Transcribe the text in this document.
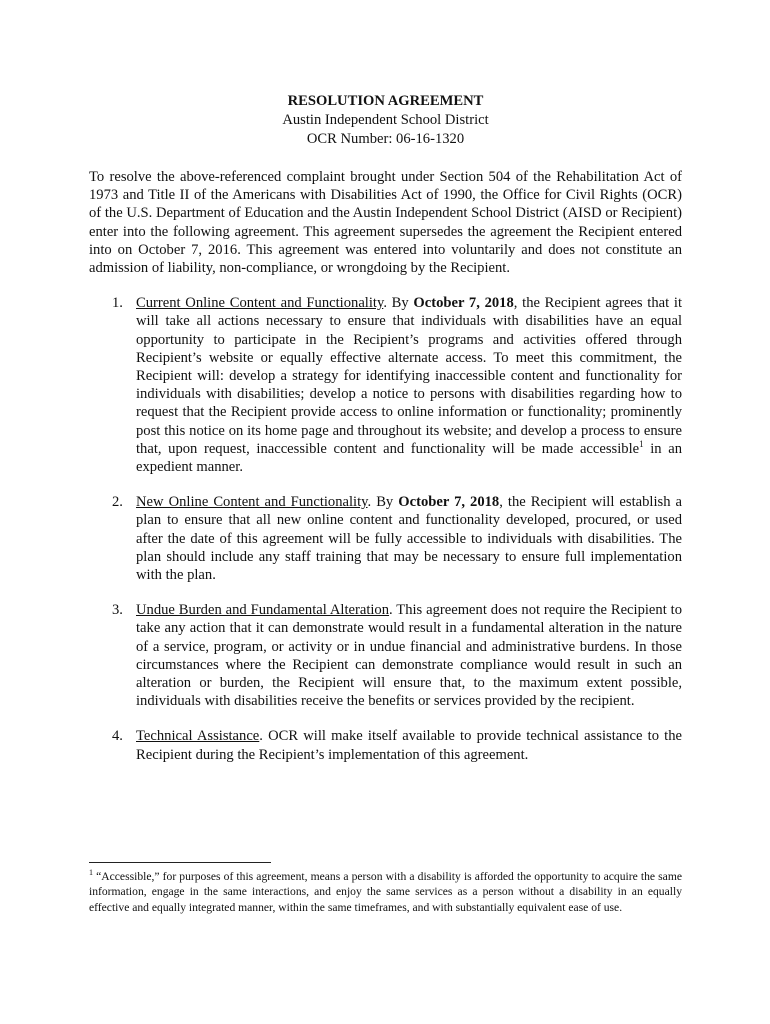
RESOLUTION AGREEMENT
Austin Independent School District
OCR Number: 06-16-1320

To resolve the above-referenced complaint brought under Section 504 of the Rehabilitation Act of 1973 and Title II of the Americans with Disabilities Act of 1990, the Office for Civil Rights (OCR) of the U.S. Department of Education and the Austin Independent School District (AISD or Recipient) enter into the following agreement. This agreement supersedes the agreement the Recipient entered into on October 7, 2016. This agreement was entered into voluntarily and does not constitute an admission of liability, non-compliance, or wrongdoing by the Recipient.

1. Current Online Content and Functionality. By October 7, 2018, the Recipient agrees that it will take all actions necessary to ensure that individuals with disabilities have an equal opportunity to participate in the Recipient’s programs and activities offered through Recipient’s website or equally effective alternate access. To meet this commitment, the Recipient will: develop a strategy for identifying inaccessible content and functionality for individuals with disabilities; develop a notice to persons with disabilities regarding how to request that the Recipient provide access to online information or functionality; prominently post this notice on its home page and throughout its website; and develop a process to ensure that, upon request, inaccessible content and functionality will be made accessible$^1$ in an expedient manner.
2. New Online Content and Functionality. By October 7, 2018, the Recipient will establish a plan to ensure that all new online content and functionality developed, procured, or used after the date of this agreement will be fully accessible to individuals with disabilities. The plan should include any staff training that may be necessary to ensure full implementation with the plan.
3. Undue Burden and Fundamental Alteration. This agreement does not require the Recipient to take any action that it can demonstrate would result in a fundamental alteration in the nature of a service, program, or activity or in undue financial and administrative burdens. In those circumstances where the Recipient can demonstrate compliance would result in such an alteration or burden, the Recipient will ensure that, to the maximum extent possible, individuals with disabilities receive the benefits or services provided by the recipient.
4. Technical Assistance. OCR will make itself available to provide technical assistance to the Recipient during the Recipient’s implementation of this agreement.
$^1$ “Accessible,” for purposes of this agreement, means a person with a disability is afforded the opportunity to acquire the same information, engage in the same interactions, and enjoy the same services as a person without a disability in an equally effective and equally integrated manner, within the same timeframes, and with substantially equivalent ease of use.
